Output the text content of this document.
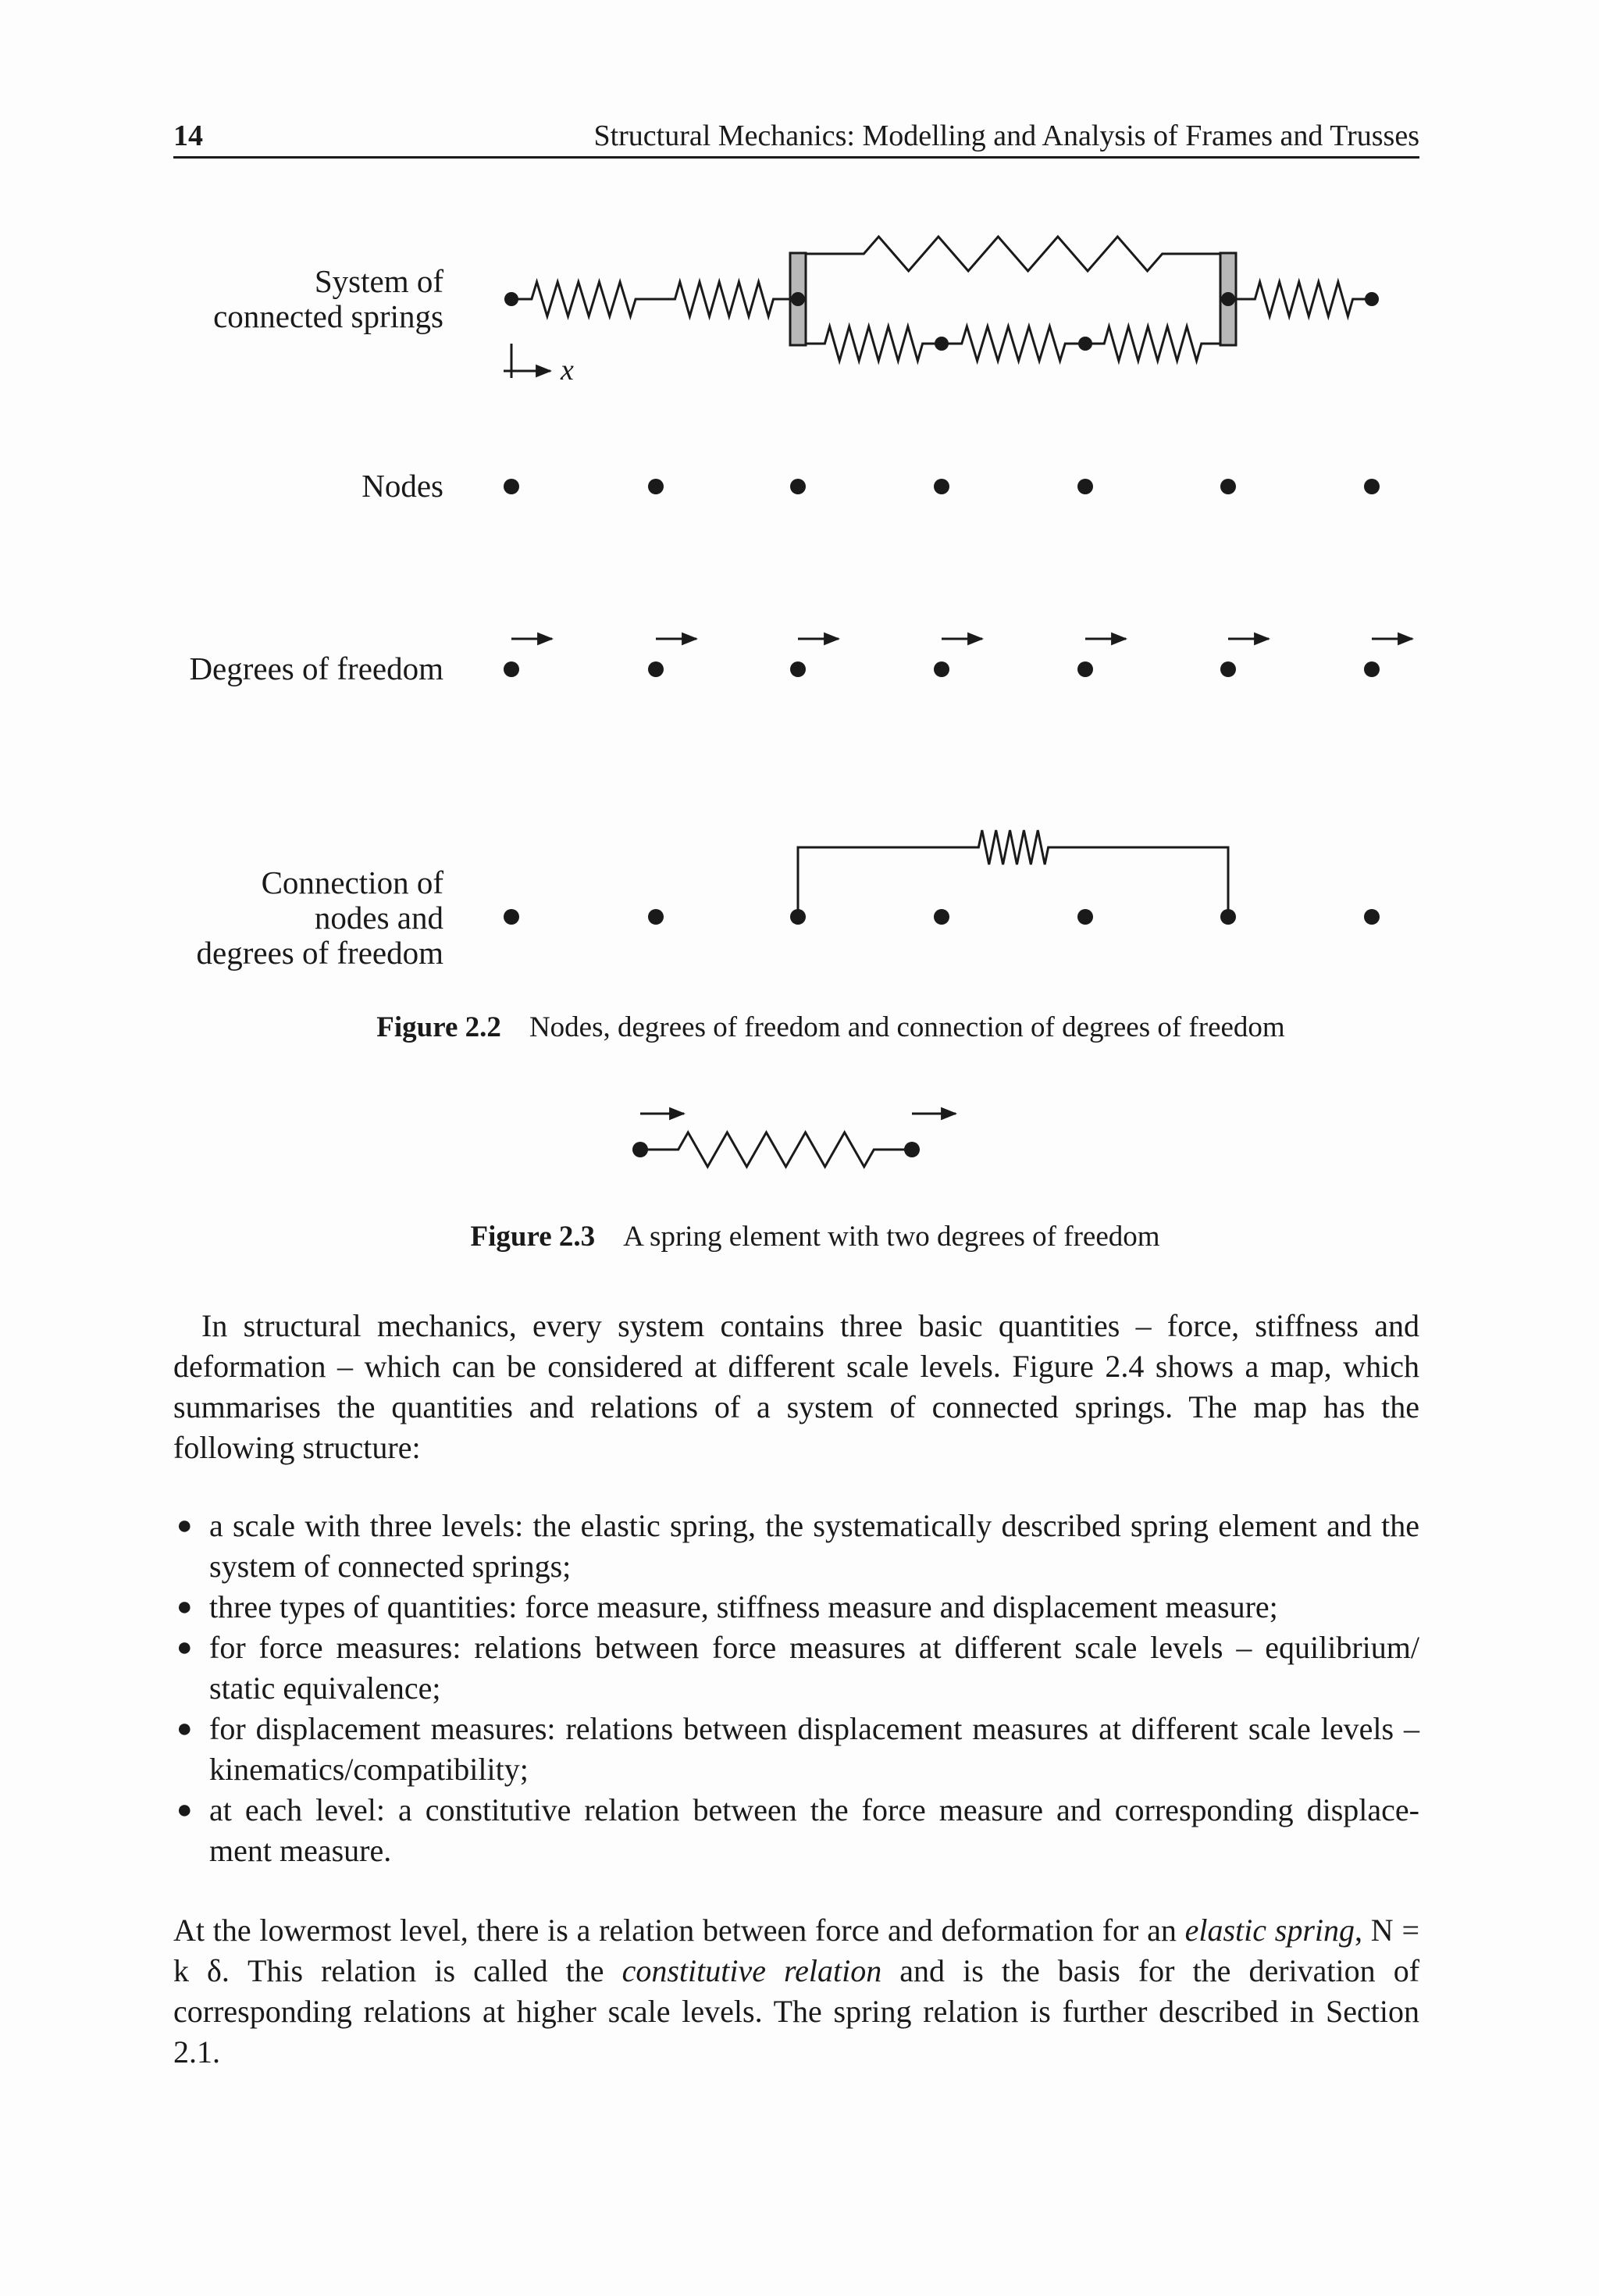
14	Structural Mechanics: Modelling and Analysis of Frames and Trusses

System of
connected springs

Nodes

Degrees of freedom

Connection of
nodes and
degrees of freedom

x

Figure 2.2 Nodes, degrees of freedom and connection of degrees of freedom

Figure 2.3 A spring element with two degrees of freedom

In structural mechanics, every system contains three basic quantities – force, stiffness and deformation – which can be considered at different scale levels. Figure 2.4 shows a map, which summarises the quantities and relations of a system of connected springs. The map has the following structure:

● a scale with three levels: the elastic spring, the systematically described spring element and the system of connected springs;
● three types of quantities: force measure, stiffness measure and displacement measure;
● for force measures: relations between force measures at different scale levels – equilibrium/ static equivalence;
● for displacement measures: relations between displacement measures at different scale levels – kinematics/compatibility;
● at each level: a constitutive relation between the force measure and corresponding displace- ment measure.

At the lowermost level, there is a relation between force and deformation for an elastic spring, N = k δ. This relation is called the constitutive relation and is the basis for the derivation of corresponding relations at higher scale levels. The spring relation is further described in Section 2.1.
